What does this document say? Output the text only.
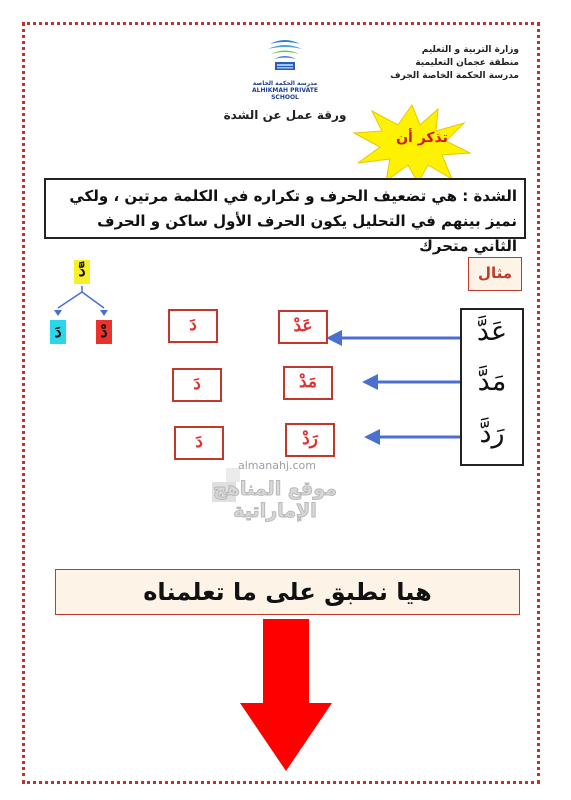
وزارة التربية و التعليم
منطقة عجمان التعليمية
مدرسة الحكمة الخاصة الجرف
مدرسة الحكمة الخاصة
ALHIKMAH PRIVATE SCHOOL
ورقة عمل عن الشدة
تذكر أن
الشدة : هي تضعيف الحرف و تكراره في الكلمة مرتين ، ولكي نميز بينهم في التحليل يكون الحرف الأول ساكن و الحرف الثاني متحرك
مثال
دَّ
دَ دْ	عَدَّ
مَدَّ
رَدَّ
عَدْ
دَ
مَدْ
دَ
رَدْ
دَ
almanahj.com
موقع المناهج الإماراتية
هيا نطبق على ما تعلمناه
